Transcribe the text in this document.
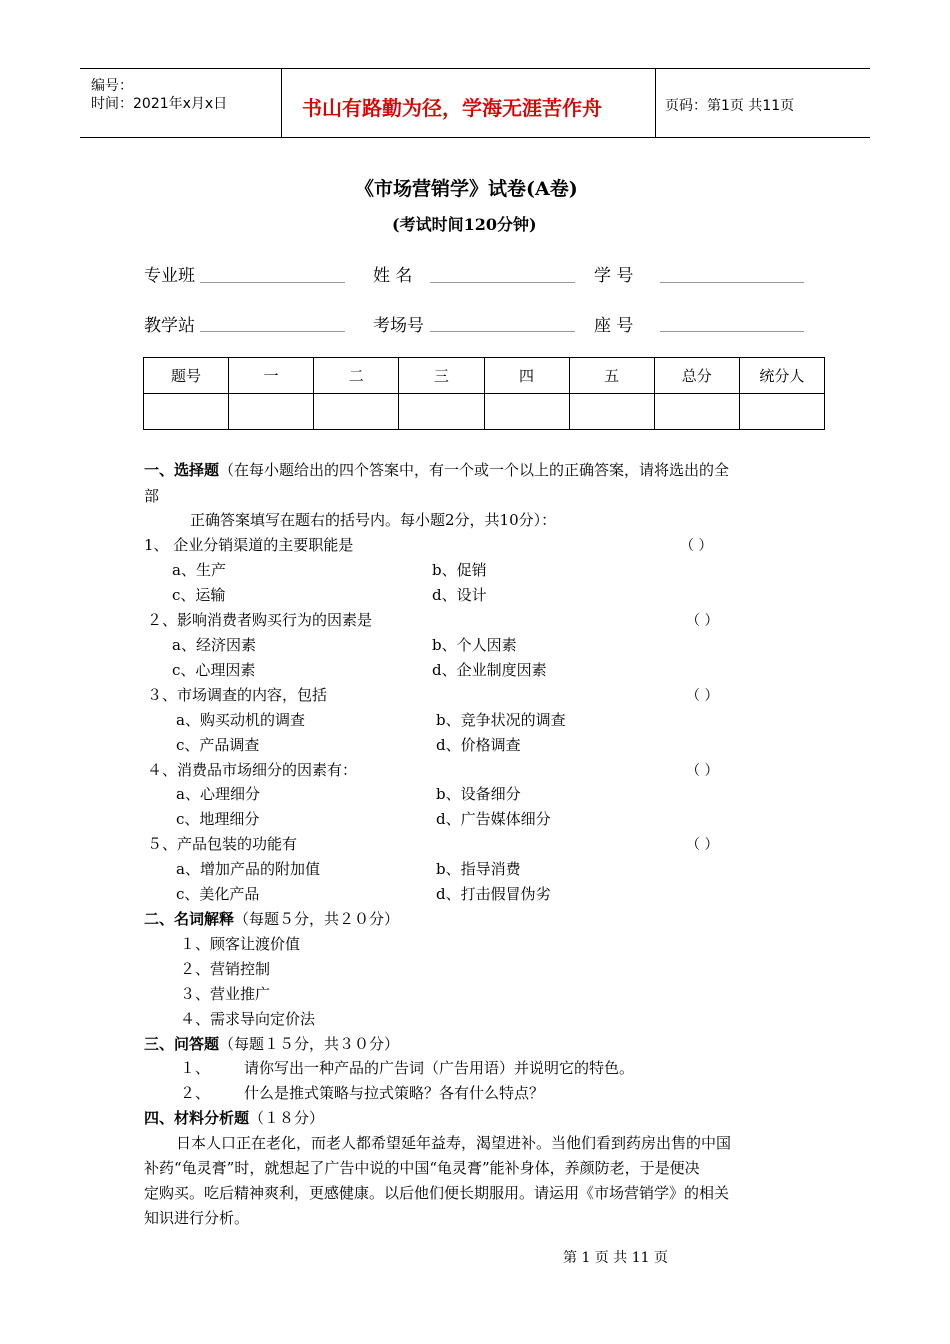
编号：
时间：2021年x月x日	书山有路勤为径，学海无涯苦作舟	页码：第1页 共11页
《市场营销学》试卷(A卷)
(考试时间120分钟)
专业班	姓 名	学 号
教学站	考场号	座 号
题号	一	二	三	四	五	总分	统分人

一、选择题（在每小题给出的四个答案中，有一个或一个以上的正确答案，请将选出的全
部
正确答案填写在题右的括号内。每小题2分，共10分）：
1、 企业分销渠道的主要职能是	（ ）
a、生产	b、促销
c、运输	d、设计
２、影响消费者购买行为的因素是	（ ）
a、经济因素	b、个人因素
c、心理因素	d、企业制度因素
３、市场调查的内容，包括	（ ）
a、购买动机的调查	b、竞争状况的调查
c、产品调查	d、价格调查
４、消费品市场细分的因素有：	（ ）
a、心理细分	b、设备细分
c、地理细分	d、广告媒体细分
５、产品包装的功能有	（ ）
a、增加产品的附加值	b、指导消费
c、美化产品	d、打击假冒伪劣
二、名词解释（每题５分，共２０分）
１、顾客让渡价值
２、营销控制
３、营业推广
４、需求导向定价法
三、问答题（每题１５分，共３０分）
１、 请你写出一种产品的广告词（广告用语）并说明它的特色。
２、 什么是推式策略与拉式策略？各有什么特点？
四、材料分析题（１８分）
日本人口正在老化，而老人都希望延年益寿，渴望进补。当他们看到药房出售的中国
补药“龟灵膏”时，就想起了广告中说的中国“龟灵膏”能补身体，养颜防老，于是便决
定购买。吃后精神爽利，更感健康。以后他们便长期服用。请运用《市场营销学》的相关
知识进行分析。
第 1 页 共 11 页
